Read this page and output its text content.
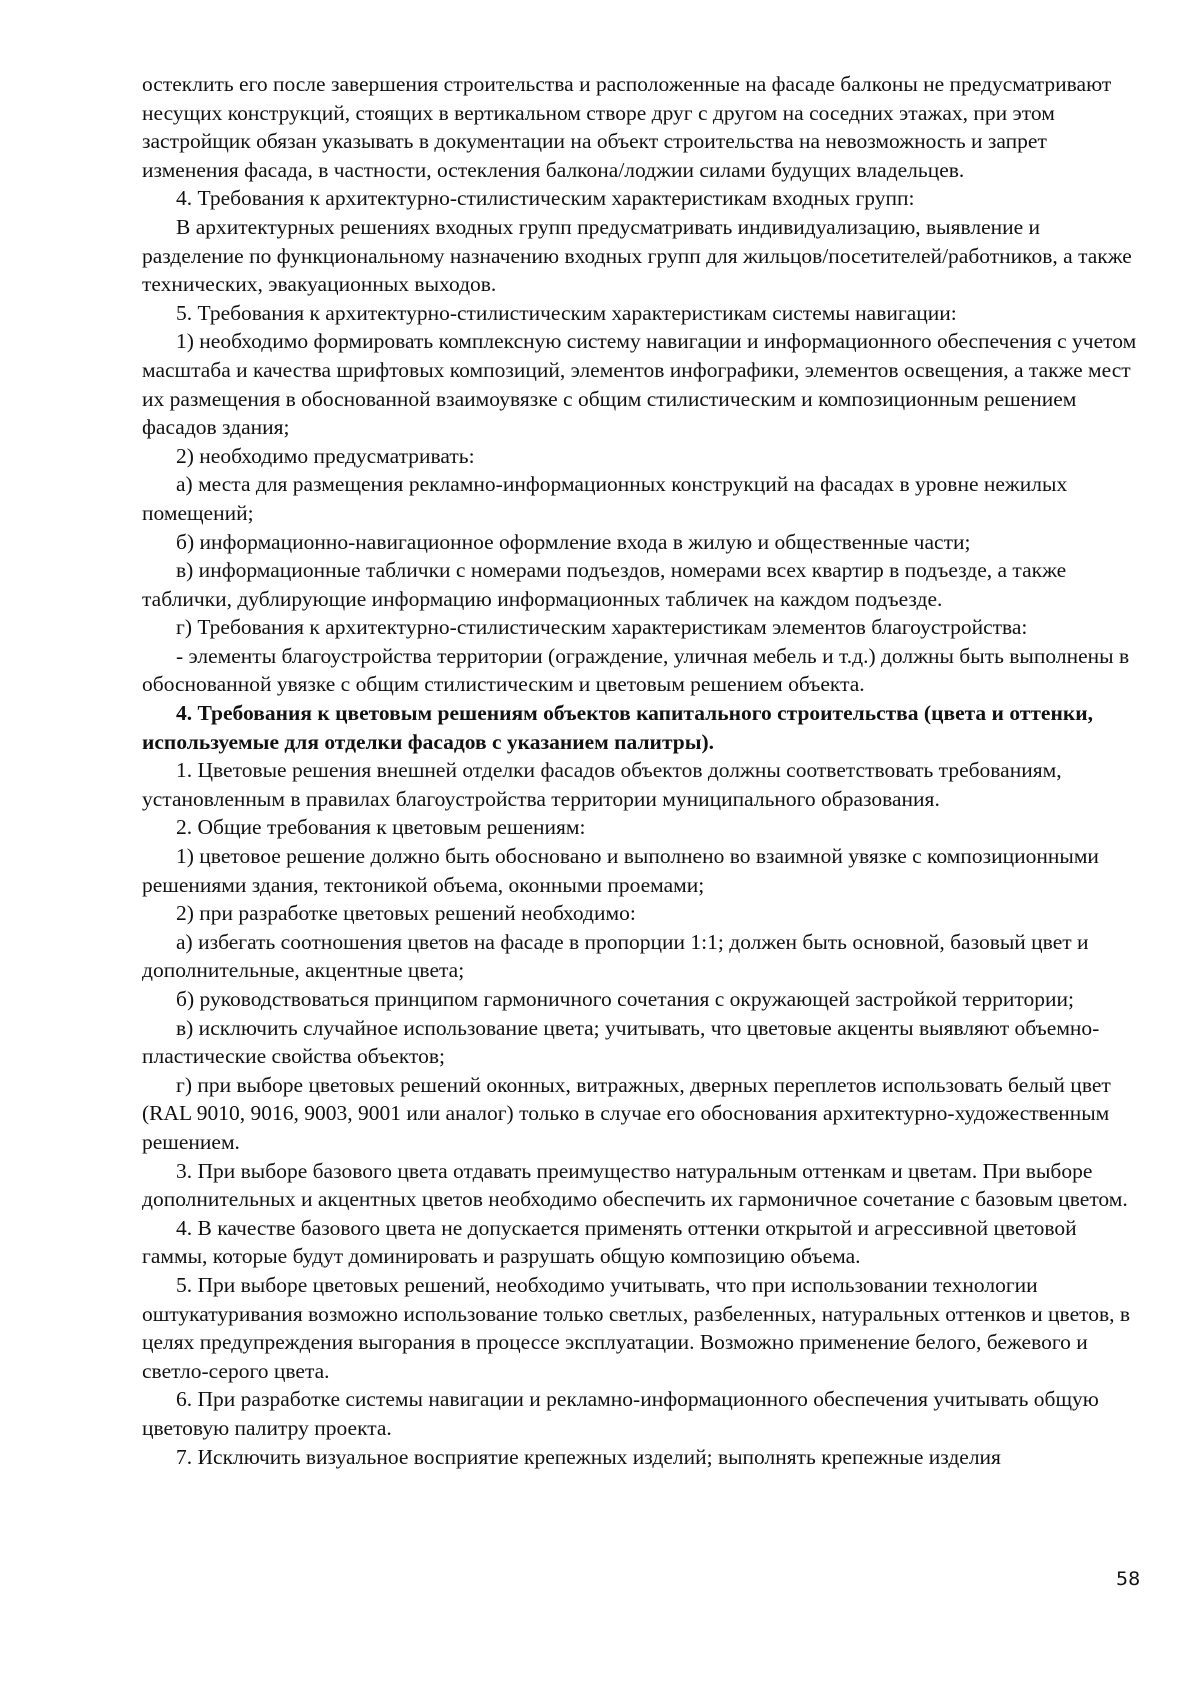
остеклить его после завершения строительства и расположенные на фасаде балконы не предусматривают несущих конструкций, стоящих в вертикальном створе друг с другом на соседних этажах, при этом застройщик обязан указывать в документации на объект строительства на невозможность и запрет изменения фасада, в частности, остекления балкона/лоджии силами будущих владельцев.

4. Требования к архитектурно-стилистическим характеристикам входных групп:

В архитектурных решениях входных групп предусматривать индивидуализацию, выявление и разделение по функциональному назначению входных групп для жильцов/посетителей/работников, а также технических, эвакуационных выходов.

5. Требования к архитектурно-стилистическим характеристикам системы навигации:

1) необходимо формировать комплексную систему навигации и информационного обеспечения с учетом масштаба и качества шрифтовых композиций, элементов инфографики, элементов освещения, а также мест их размещения в обоснованной взаимоувязке с общим стилистическим и композиционным решением фасадов здания;

2) необходимо предусматривать:

а) места для размещения рекламно-информационных конструкций на фасадах в уровне нежилых помещений;

б) информационно-навигационное оформление входа в жилую и общественные части;

в) информационные таблички с номерами подъездов, номерами всех квартир в подъезде, а также таблички, дублирующие информацию информационных табличек на каждом подъезде.

г) Требования к архитектурно-стилистическим характеристикам элементов благоустройства:

- элементы благоустройства территории (ограждение, уличная мебель и т.д.) должны быть выполнены в обоснованной увязке с общим стилистическим и цветовым решением объекта.

4. Требования к цветовым решениям объектов капитального строительства (цвета и оттенки, используемые для отделки фасадов с указанием палитры).

1. Цветовые решения внешней отделки фасадов объектов должны соответствовать требованиям, установленным в правилах благоустройства территории муниципального образования.

2. Общие требования к цветовым решениям:

1) цветовое решение должно быть обосновано и выполнено во взаимной увязке с композиционными решениями здания, тектоникой объема, оконными проемами;

2) при разработке цветовых решений необходимо:

а) избегать соотношения цветов на фасаде в пропорции 1:1; должен быть основной, базовый цвет и дополнительные, акцентные цвета;

б) руководствоваться принципом гармоничного сочетания с окружающей застройкой территории;

в) исключить случайное использование цвета; учитывать, что цветовые акценты выявляют объемно-пластические свойства объектов;

г) при выборе цветовых решений оконных, витражных, дверных переплетов использовать белый цвет (RAL 9010, 9016, 9003, 9001 или аналог) только в случае его обоснования архитектурно-художественным решением.

3. При выборе базового цвета отдавать преимущество натуральным оттенкам и цветам. При выборе дополнительных и акцентных цветов необходимо обеспечить их гармоничное сочетание с базовым цветом.

4. В качестве базового цвета не допускается применять оттенки открытой и агрессивной цветовой гаммы, которые будут доминировать и разрушать общую композицию объема.

5. При выборе цветовых решений, необходимо учитывать, что при использовании технологии оштукатуривания возможно использование только светлых, разбеленных, натуральных оттенков и цветов, в целях предупреждения выгорания в процессе эксплуатации. Возможно применение белого, бежевого и светло-серого цвета.

6. При разработке системы навигации и рекламно-информационного обеспечения учитывать общую цветовую палитру проекта.

7. Исключить визуальное восприятие крепежных изделий; выполнять крепежные изделия

58
